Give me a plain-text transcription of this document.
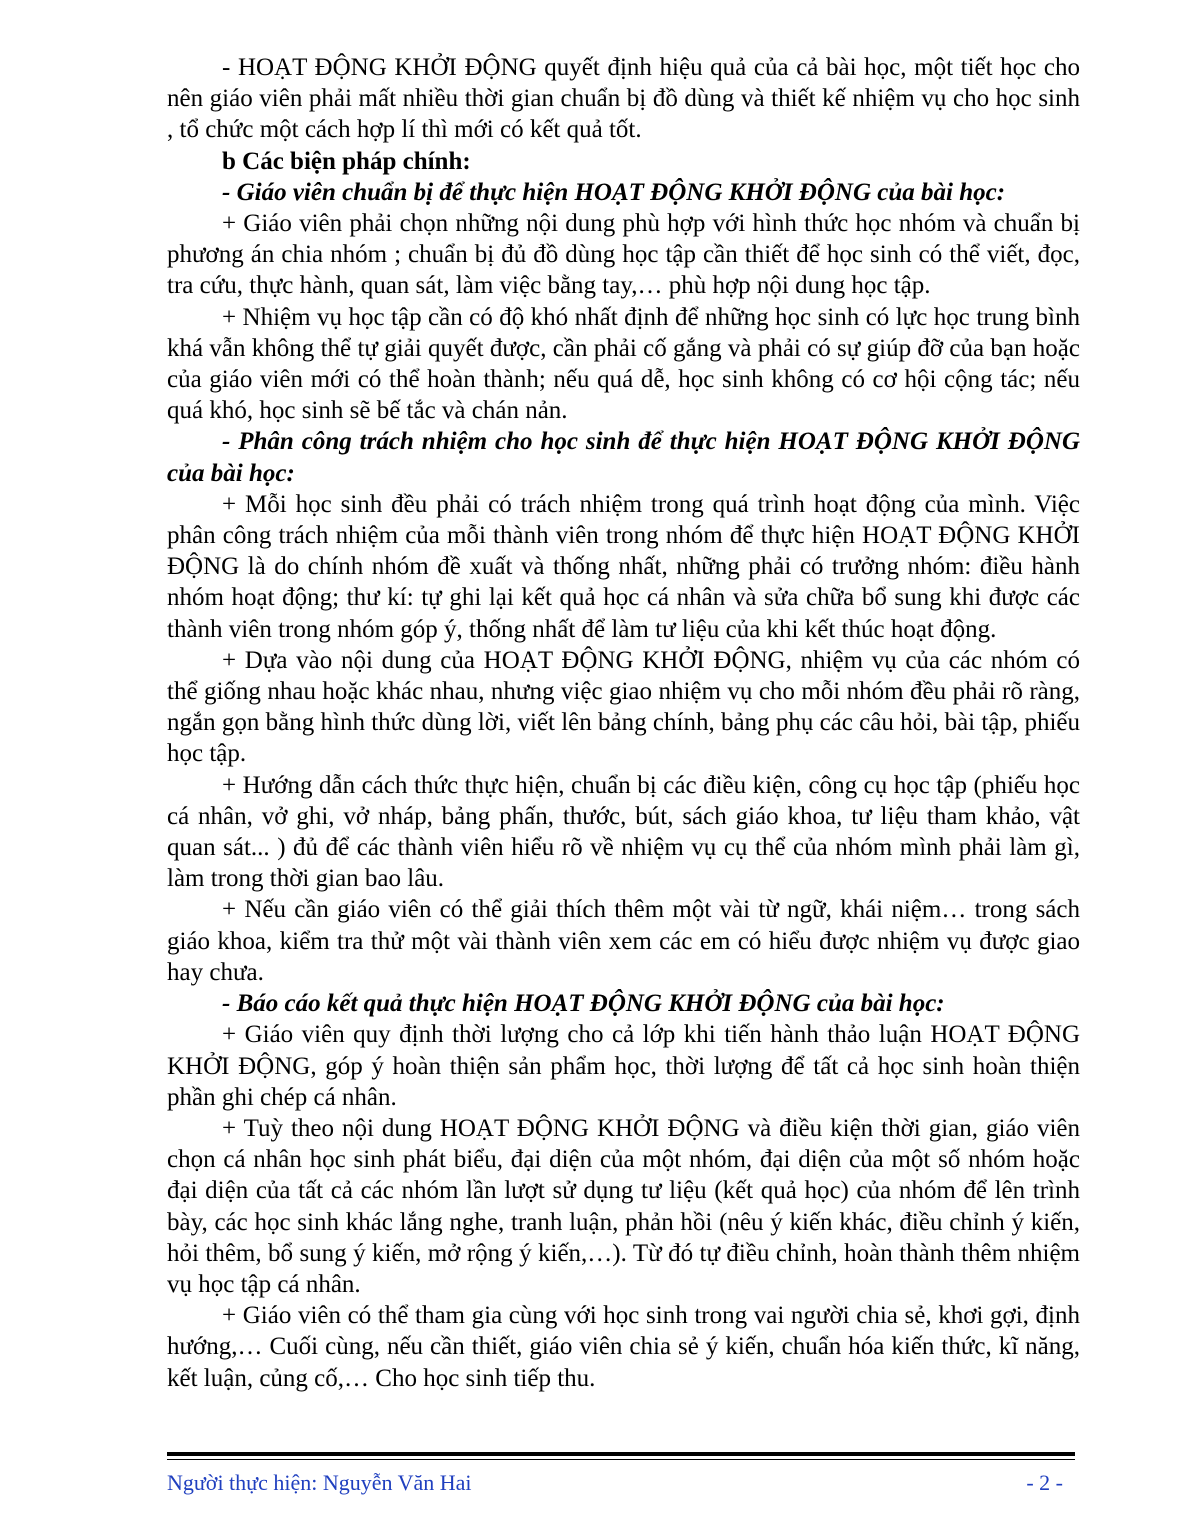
- HOẠT ĐỘNG KHỞI ĐỘNG quyết định hiệu quả của cả bài học, một tiết học cho nên giáo viên phải mất nhiều thời gian chuẩn bị đồ dùng và thiết kế nhiệm vụ cho học sinh , tổ chức một cách hợp lí thì mới có kết quả tốt.

b Các biện pháp chính:

- Giáo viên chuẩn bị để thực hiện HOẠT ĐỘNG KHỞI ĐỘNG của bài học:

+ Giáo viên phải chọn những nội dung phù hợp với hình thức học nhóm và chuẩn bị phương án chia nhóm ; chuẩn bị đủ đồ dùng học tập cần thiết để học sinh có thể viết, đọc, tra cứu, thực hành, quan sát, làm việc bằng tay,… phù hợp nội dung học tập.

+ Nhiệm vụ học tập cần có độ khó nhất định để những học sinh có lực học trung bình khá vẫn không thể tự giải quyết được, cần phải cố gắng và phải có sự giúp đỡ của bạn hoặc của giáo viên mới có thể hoàn thành; nếu quá dễ, học sinh không có cơ hội cộng tác; nếu quá khó, học sinh sẽ bế tắc và chán nản.

- Phân công trách nhiệm cho học sinh để thực hiện HOẠT ĐỘNG KHỞI ĐỘNG của bài học:

+ Mỗi học sinh đều phải có trách nhiệm trong quá trình hoạt động của mình. Việc phân công trách nhiệm của mỗi thành viên trong nhóm để thực hiện HOẠT ĐỘNG KHỞI ĐỘNG là do chính nhóm đề xuất và thống nhất, những phải có trưởng nhóm: điều hành nhóm hoạt động; thư kí: tự ghi lại kết quả học cá nhân và sửa chữa bổ sung khi được các thành viên trong nhóm góp ý, thống nhất để làm tư liệu của khi kết thúc hoạt động.

+ Dựa vào nội dung của HOẠT ĐỘNG KHỞI ĐỘNG, nhiệm vụ của các nhóm có thể giống nhau hoặc khác nhau, nhưng việc giao nhiệm vụ cho mỗi nhóm đều phải rõ ràng, ngắn gọn bằng hình thức dùng lời, viết lên bảng chính, bảng phụ các câu hỏi, bài tập, phiếu học tập.

+ Hướng dẫn cách thức thực hiện, chuẩn bị các điều kiện, công cụ học tập (phiếu học cá nhân, vở ghi, vở nháp, bảng phấn, thước, bút, sách giáo khoa, tư liệu tham khảo, vật quan sát... ) đủ để các thành viên hiểu rõ về nhiệm vụ cụ thể của nhóm mình phải làm gì, làm trong thời gian bao lâu.

+ Nếu cần giáo viên có thể giải thích thêm một vài từ ngữ, khái niệm… trong sách giáo khoa, kiểm tra thử một vài thành viên xem các em có hiểu được nhiệm vụ được giao hay chưa.

- Báo cáo kết quả thực hiện HOẠT ĐỘNG KHỞI ĐỘNG của bài học:

+ Giáo viên quy định thời lượng cho cả lớp khi tiến hành thảo luận HOẠT ĐỘNG KHỞI ĐỘNG, góp ý hoàn thiện sản phẩm học, thời lượng để tất cả học sinh hoàn thiện phần ghi chép cá nhân.

+ Tuỳ theo nội dung HOẠT ĐỘNG KHỞI ĐỘNG và điều kiện thời gian, giáo viên chọn cá nhân học sinh phát biểu, đại diện của một nhóm, đại diện của một số nhóm hoặc đại diện của tất cả các nhóm lần lượt sử dụng tư liệu (kết quả học) của nhóm để lên trình bày, các học sinh khác lắng nghe, tranh luận, phản hồi (nêu ý kiến khác, điều chỉnh ý kiến, hỏi thêm, bổ sung ý kiến, mở rộng ý kiến,…). Từ đó tự điều chỉnh, hoàn thành thêm nhiệm vụ học tập cá nhân.

+ Giáo viên có thể tham gia cùng với học sinh trong vai người chia sẻ, khơi gợi, định hướng,… Cuối cùng, nếu cần thiết, giáo viên chia sẻ ý kiến, chuẩn hóa kiến thức, kĩ năng, kết luận, củng cố,… Cho học sinh tiếp thu.

Người thực hiện: Nguyễn Văn Hai	- 2 -
